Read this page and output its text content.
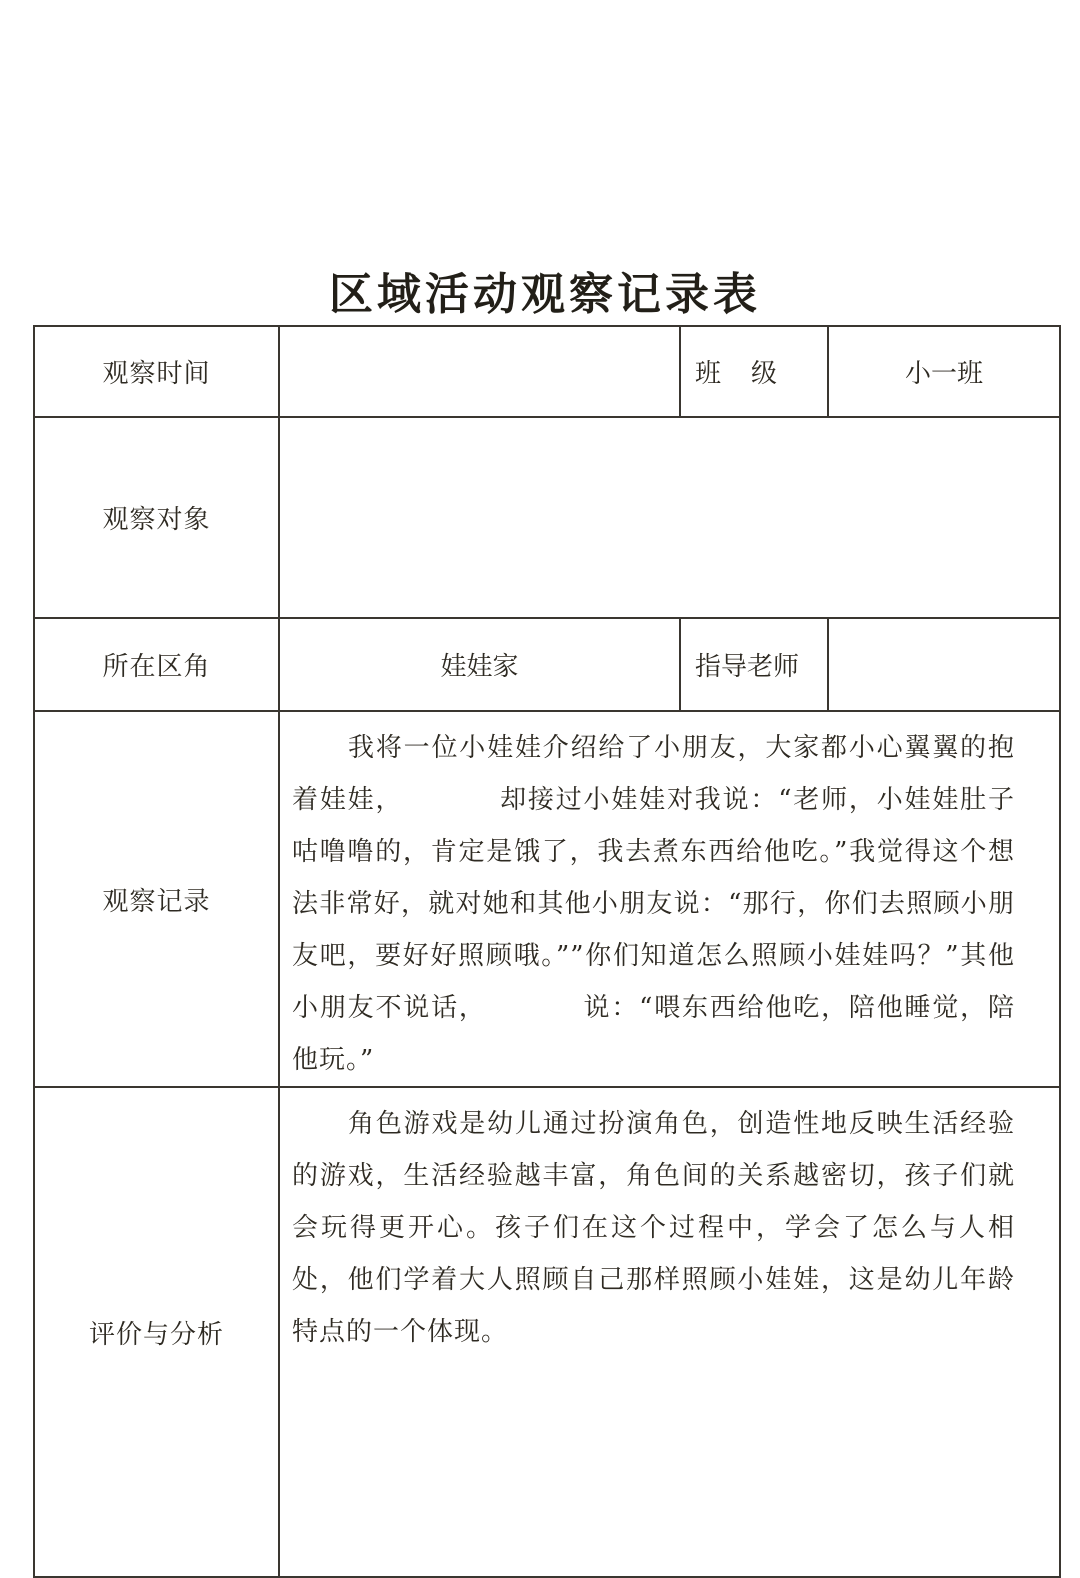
区域活动观察记录表
观察时间		班 级	小一班
观察对象			
所在区角	娃娃家	指导老师	
观察记录	我将一位小娃娃介绍给了小朋友，大家都小心翼翼的抱着娃娃， 却接过小娃娃对我说：“老师，小娃娃肚子咕噜噜的，肯定是饿了，我去煮东西给他吃。”我觉得这个想法非常好，就对她和其他小朋友说：“那行，你们去照顾小朋友吧，要好好照顾哦。””你们知道怎么照顾小娃娃吗？”其他小朋友不说话， 说：“喂东西给他吃，陪他睡觉，陪他玩。”		

评价与分析	角色游戏是幼儿通过扮演角色，创造性地反映生活经验的游戏，生活经验越丰富，角色间的关系越密切，孩子们就会玩得更开心。孩子们在这个过程中，学会了怎么与人相处，他们学着大人照顾自己那样照顾小娃娃，这是幼儿年龄特点的一个体现。		
